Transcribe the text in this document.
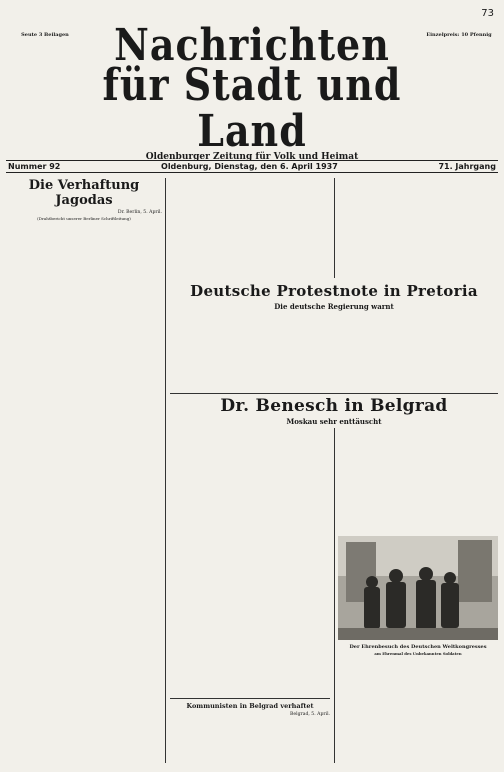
73
Seute 3 Beilagen	Einzelpreis: 10 Pfennig
Nachrichten
für Stadt und Land
Oldenburger Zeitung für Volk und Heimat
Nummer 92	Oldenburg, Dienstag, den 6. April 1937	71. Jahrgang
Die Verhaftung Jagodas
Dr. Berlin, 5. April.
(Drahtbericht unserer Berliner Schriftleitung)
Deutsche Protestnote in Pretoria
Die deutsche Regierung warnt
Dr. Benesch in Belgrad
Moskau sehr enttäuscht
Der Ehrenbesuch des Deutschen Weltkongresses
am Ehrenmal des Unbekannten Soldaten
Kommunisten in Belgrad verhaftet
Belgrad, 5. April.
